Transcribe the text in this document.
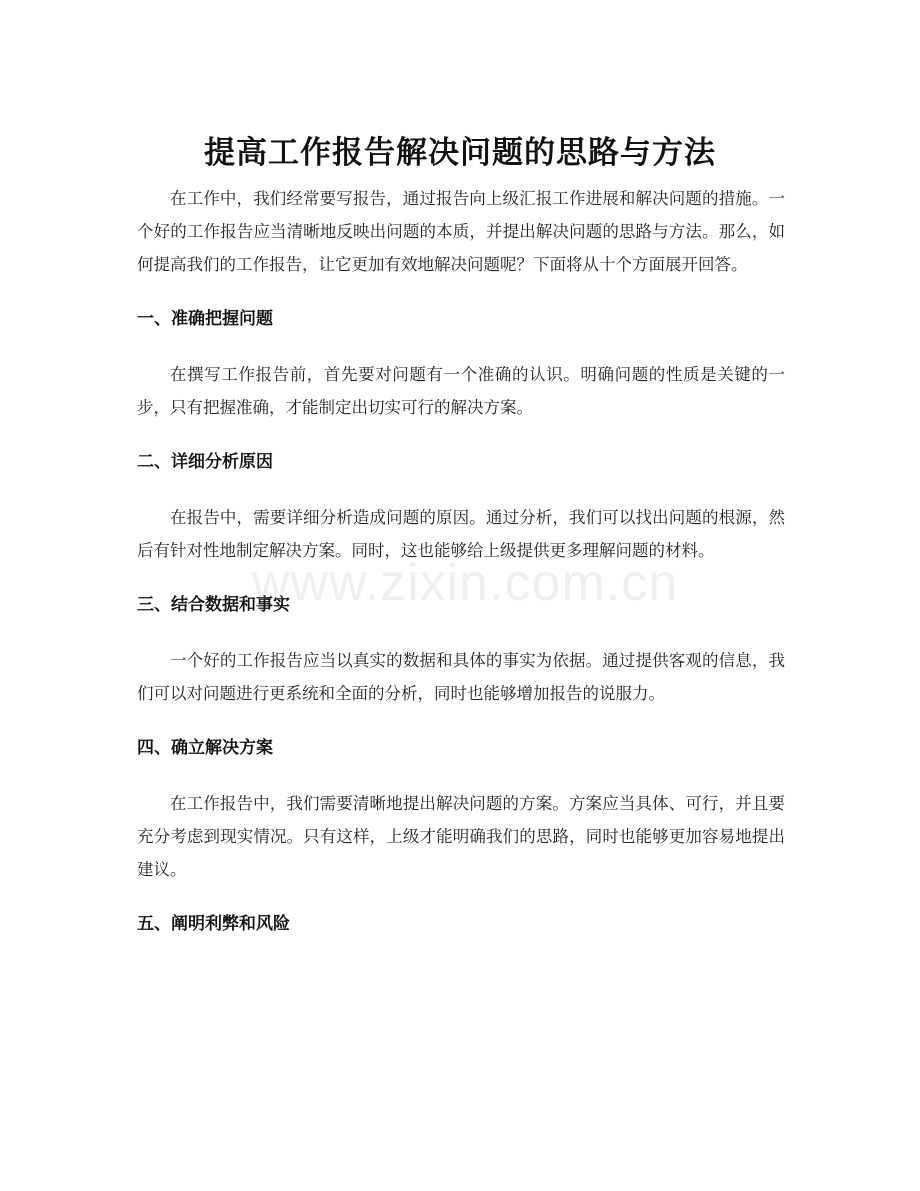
提高工作报告解决问题的思路与方法

在工作中，我们经常要写报告，通过报告向上级汇报工作进展和解决问题的措施。一个好的工作报告应当清晰地反映出问题的本质，并提出解决问题的思路与方法。那么，如何提高我们的工作报告，让它更加有效地解决问题呢？下面将从十个方面展开回答。

一、准确把握问题

在撰写工作报告前，首先要对问题有一个准确的认识。明确问题的性质是关键的一步，只有把握准确，才能制定出切实可行的解决方案。

二、详细分析原因

在报告中，需要详细分析造成问题的原因。通过分析，我们可以找出问题的根源，然后有针对性地制定解决方案。同时，这也能够给上级提供更多理解问题的材料。

三、结合数据和事实

一个好的工作报告应当以真实的数据和具体的事实为依据。通过提供客观的信息，我们可以对问题进行更系统和全面的分析，同时也能够增加报告的说服力。

四、确立解决方案

在工作报告中，我们需要清晰地提出解决问题的方案。方案应当具体、可行，并且要充分考虑到现实情况。只有这样，上级才能明确我们的思路，同时也能够更加容易地提出建议。

五、阐明利弊和风险
www.zixin.com.cn
